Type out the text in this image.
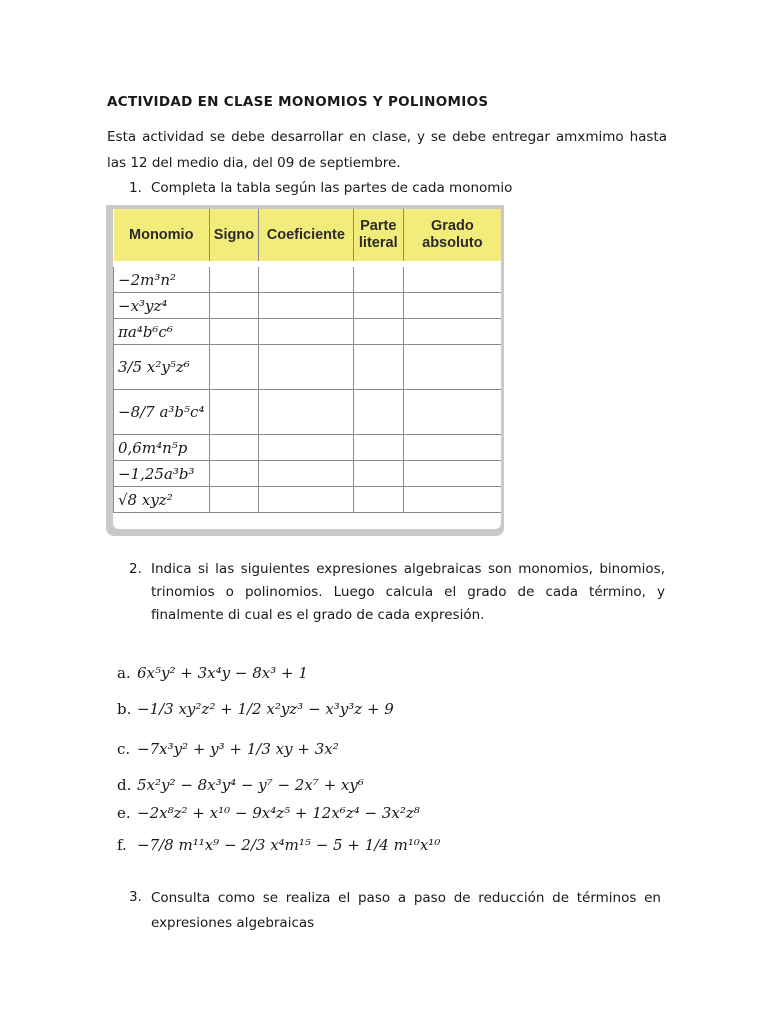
ACTIVIDAD EN CLASE MONOMIOS Y POLINOMIOS
Esta actividad se debe desarrollar en clase, y se debe entregar amxmimo hasta las 12 del medio dia, del 09 de septiembre.
1. Completa la tabla según las partes de cada monomio
Monomio	Signo	Coeficiente	Parte literal	Grado absoluto
−2m³n²				
−x³yz⁴				
πa⁴b⁶c⁶				
3/5 x²y⁵z⁶				
−8/7 a³b⁵c⁴				
0,6m⁴n⁵p				
−1,25a³b³				
√8 xyz²				
2. Indica si las siguientes expresiones algebraicas son monomios, binomios, trinomios o polinomios. Luego calcula el grado de cada término, y finalmente di cual es el grado de cada expresión.
a. 6x⁵y² + 3x⁴y − 8x³ + 1
b. −1/3 xy²z² + 1/2 x²yz³ − x³y³z + 9
c. −7x³y² + y³ + 1/3 xy + 3x²
d. 5x²y² − 8x³y⁴ − y⁷ − 2x⁷ + xy⁶
e. −2x⁸z² + x¹⁰ − 9x⁴z⁵ + 12x⁶z⁴ − 3x²z⁸
f. −7/8 m¹¹x⁹ − 2/3 x⁴m¹⁵ − 5 + 1/4 m¹⁰x¹⁰
3. Consulta como se realiza el paso a paso de reducción de términos en expresiones algebraicas
